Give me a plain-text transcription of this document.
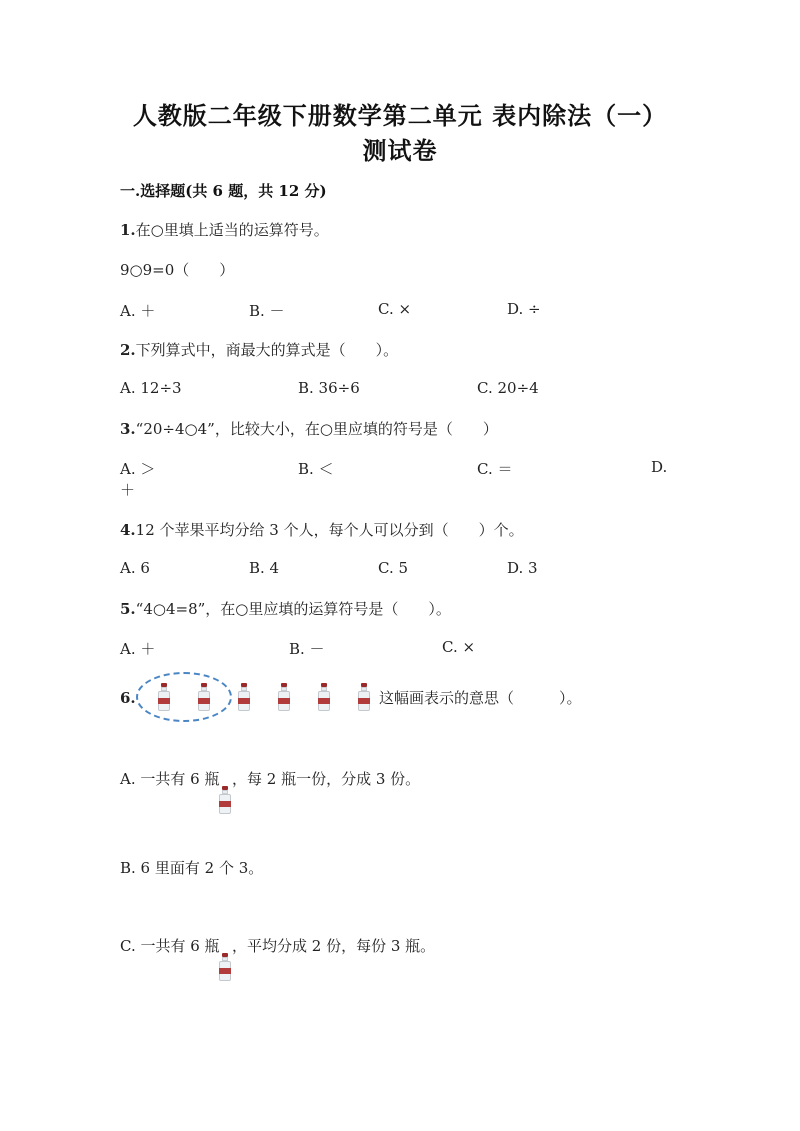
人教版二年级下册数学第二单元 表内除法（一）
测试卷
一.选择题(共 6 题，共 12 分)
1.在○里填上适当的运算符号。
9○9=0（　　）
A. ＋	B. －	C. ×	D. ÷
2.下列算式中，商最大的算式是（　　）。
A. 12÷3	B. 36÷6	C. 20÷4
3.“20÷4○4”，比较大小，在○里应填的符号是（　　）
A. ＞	B. ＜	C. ＝	D.
＋
4.12 个苹果平均分给 3 个人，每个人可以分到（　　）个。
A. 6	B. 4	C. 5	D. 3
5.“4○4=8”，在○里应填的运算符号是（　　）。
A. ＋	B. －	C. ×
6.	这幅画表示的意思（　　　）。
A. 一共有 6 瓶 ，每 2 瓶一份，分成 3 份。
B. 6 里面有 2 个 3。
C. 一共有 6 瓶 ，平均分成 2 份，每份 3 瓶。
